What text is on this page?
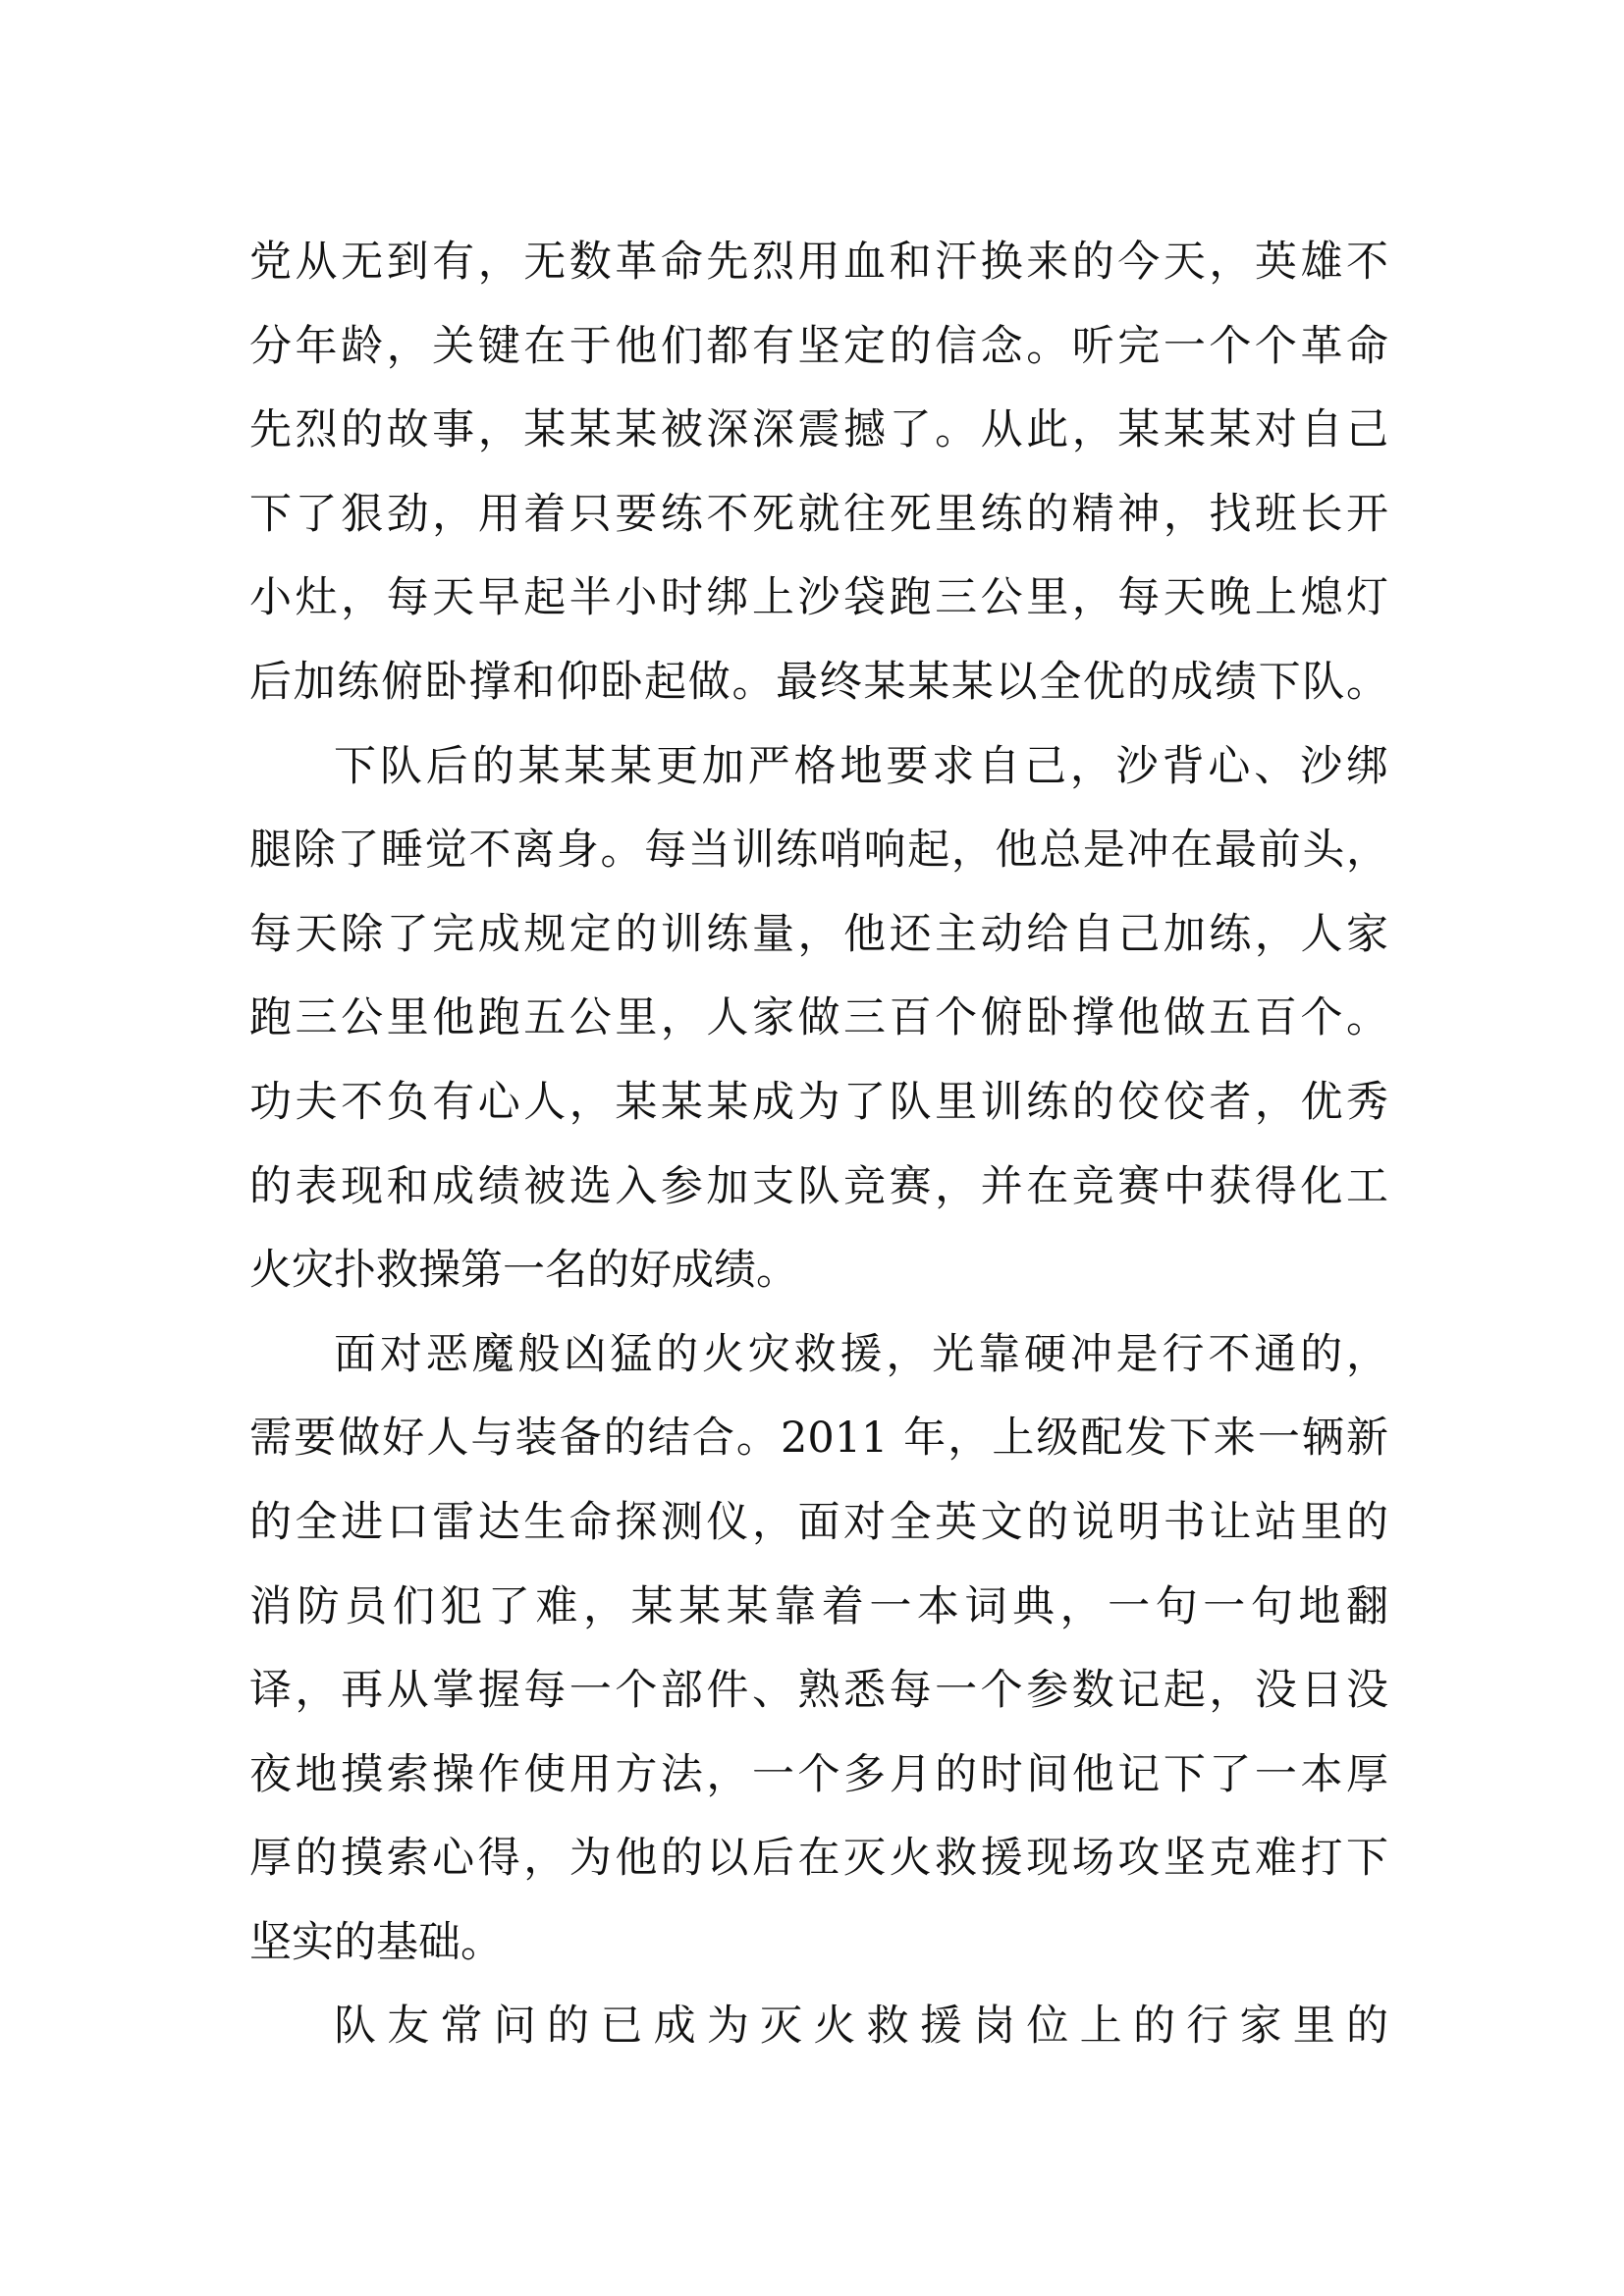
党从无到有，无数革命先烈用血和汗换来的今天，英雄不
分年龄，关键在于他们都有坚定的信念。听完一个个革命
先烈的故事，某某某被深深震撼了。从此，某某某对自己
下了狠劲，用着只要练不死就往死里练的精神，找班长开
小灶，每天早起半小时绑上沙袋跑三公里，每天晚上熄灯
后加练俯卧撑和仰卧起做。最终某某某以全优的成绩下队。
下队后的某某某更加严格地要求自己，沙背心、沙绑
腿除了睡觉不离身。每当训练哨响起，他总是冲在最前头，
每天除了完成规定的训练量，他还主动给自己加练，人家
跑三公里他跑五公里，人家做三百个俯卧撑他做五百个。
功夫不负有心人，某某某成为了队里训练的佼佼者，优秀
的表现和成绩被选入参加支队竞赛，并在竞赛中获得化工
火灾扑救操第一名的好成绩。
面对恶魔般凶猛的火灾救援，光靠硬冲是行不通的，
需要做好人与装备的结合。2011 年，上级配发下来一辆新
的全进口雷达生命探测仪，面对全英文的说明书让站里的
消防员们犯了难，某某某靠着一本词典，一句一句地翻
译，再从掌握每一个部件、熟悉每一个参数记起，没日没
夜地摸索操作使用方法，一个多月的时间他记下了一本厚
厚的摸索心得，为他的以后在灭火救援现场攻坚克难打下
坚实的基础。
队友常问的已成为灭火救援岗位上的行家里的
